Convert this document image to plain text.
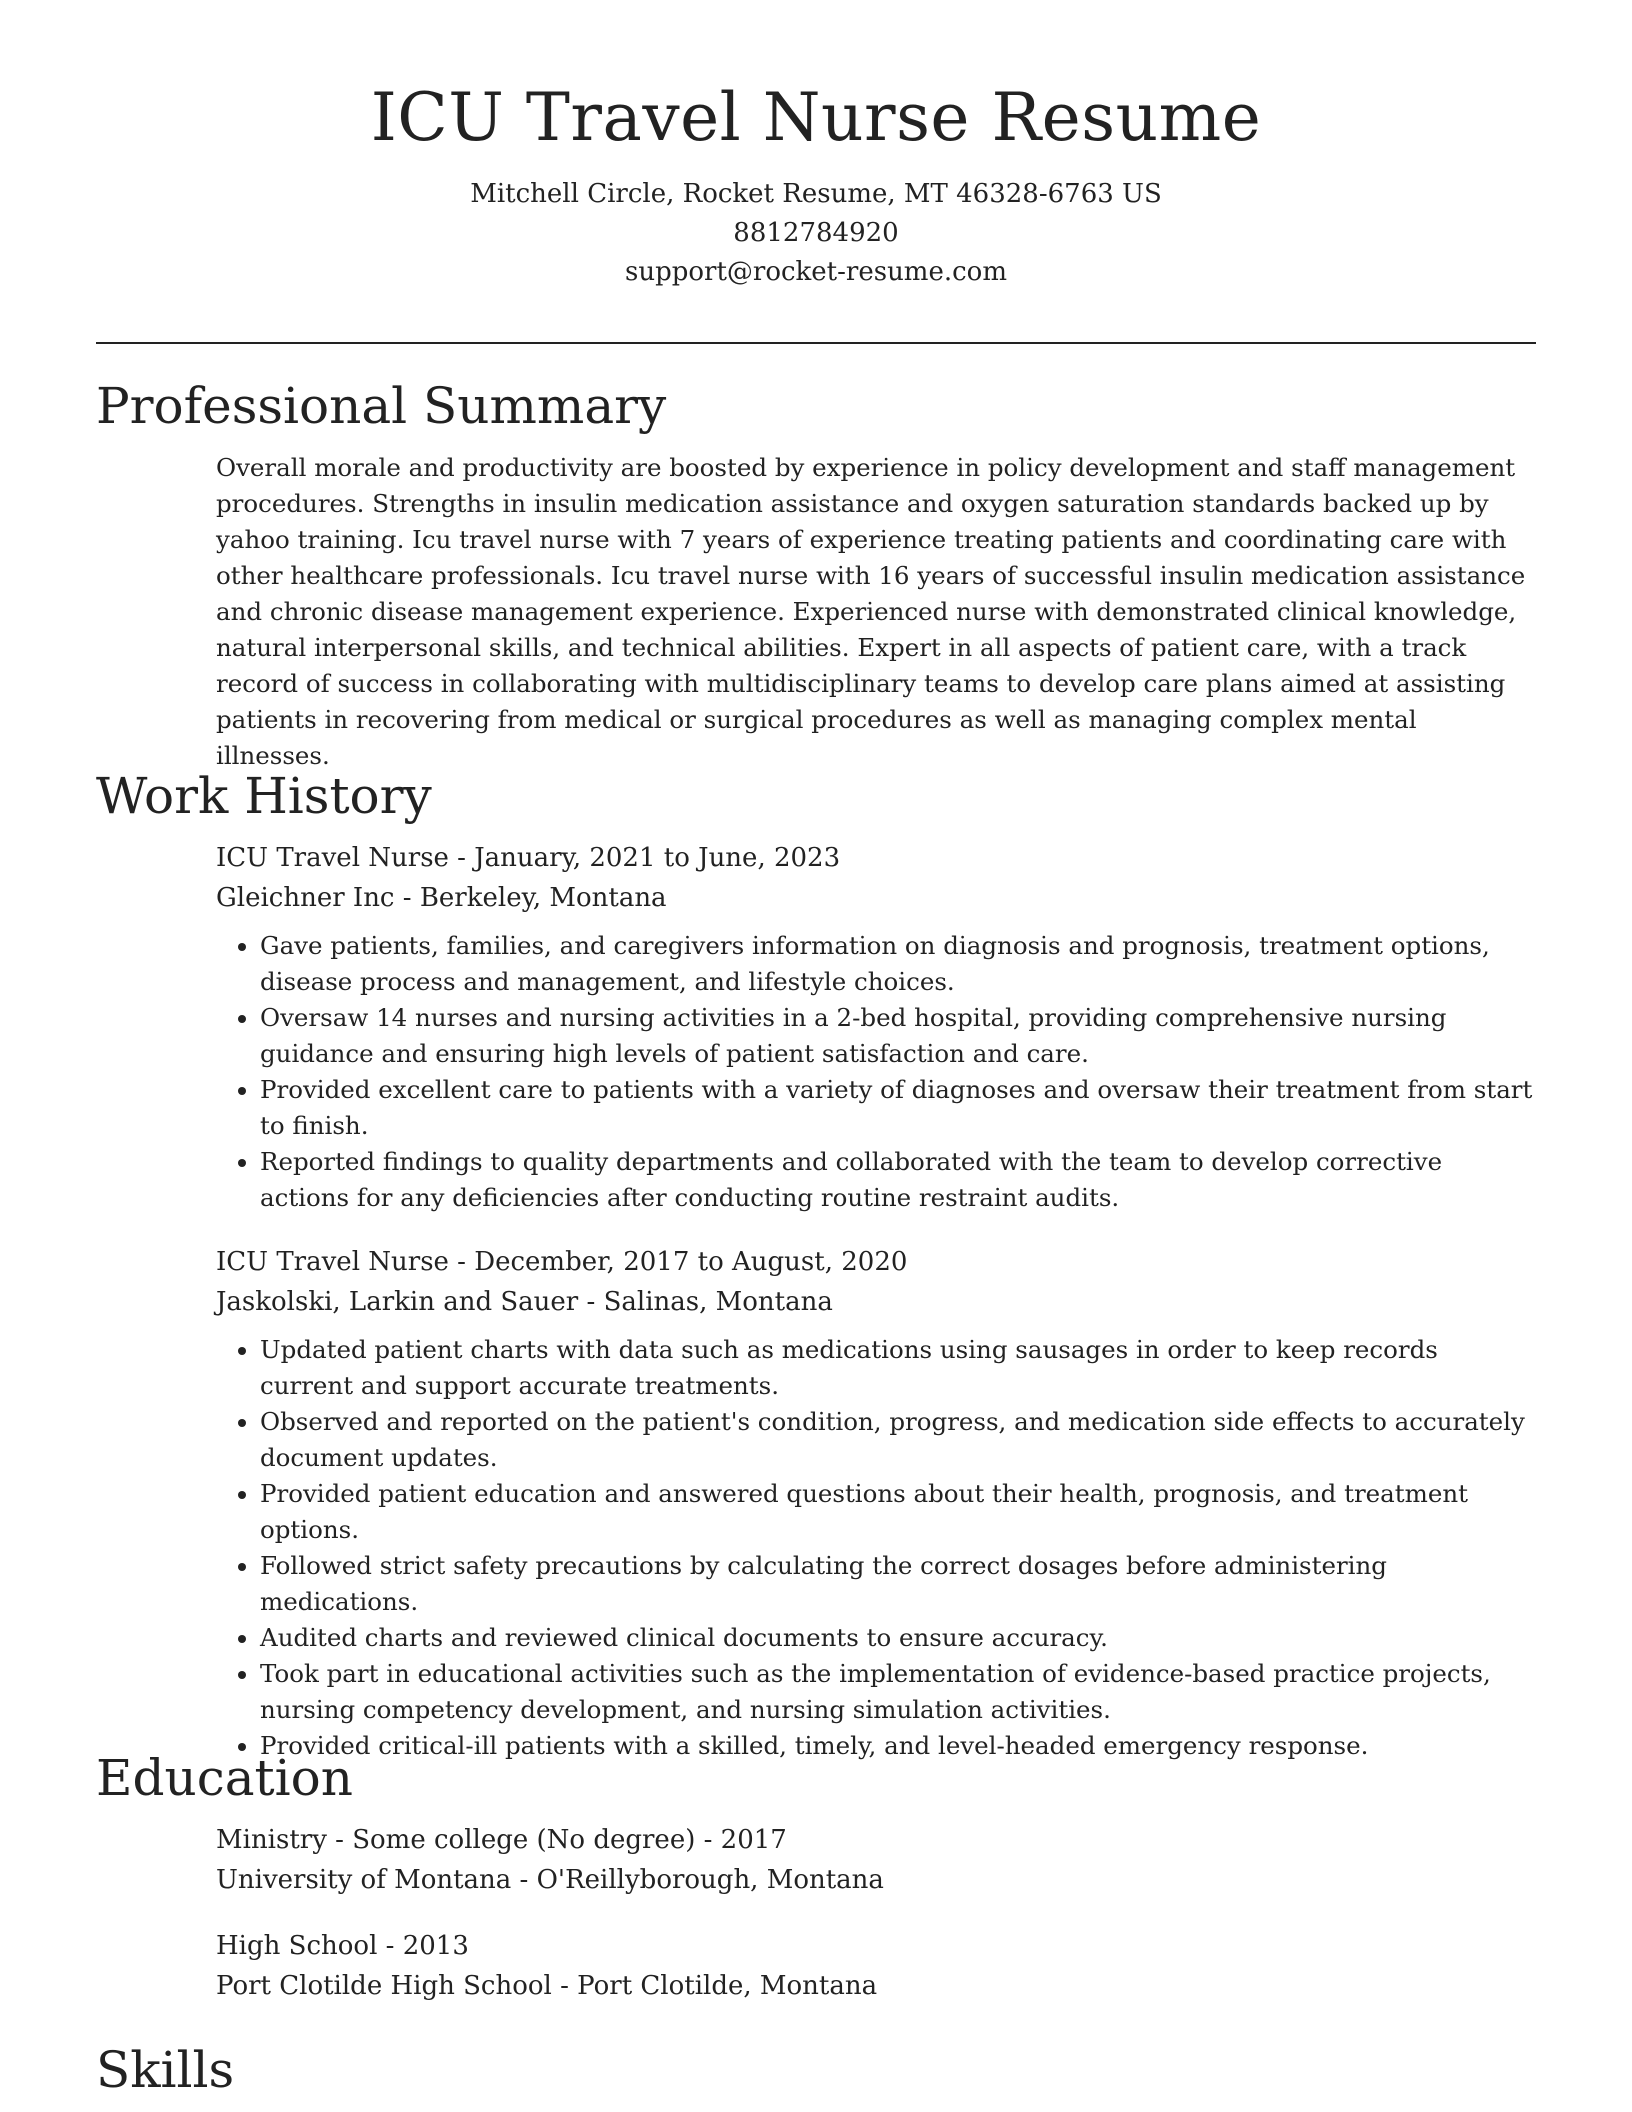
ICU Travel Nurse Resume
Mitchell Circle, Rocket Resume, MT 46328-6763 US
8812784920
support@rocket-resume.com
Professional Summary
Overall morale and productivity are boosted by experience in policy development and staff management procedures. Strengths in insulin medication assistance and oxygen saturation standards backed up by yahoo training. Icu travel nurse with 7 years of experience treating patients and coordinating care with other healthcare professionals. Icu travel nurse with 16 years of successful insulin medication assistance and chronic disease management experience. Experienced nurse with demonstrated clinical knowledge, natural interpersonal skills, and technical abilities. Expert in all aspects of patient care, with a track record of success in collaborating with multidisciplinary teams to develop care plans aimed at assisting patients in recovering from medical or surgical procedures as well as managing complex mental illnesses.
Work History
ICU Travel Nurse - January, 2021 to June, 2023
Gleichner Inc - Berkeley, Montana
• Gave patients, families, and caregivers information on diagnosis and prognosis, treatment options, disease process and management, and lifestyle choices.
• Oversaw 14 nurses and nursing activities in a 2-bed hospital, providing comprehensive nursing guidance and ensuring high levels of patient satisfaction and care.
• Provided excellent care to patients with a variety of diagnoses and oversaw their treatment from start to finish.
• Reported findings to quality departments and collaborated with the team to develop corrective actions for any deficiencies after conducting routine restraint audits.
ICU Travel Nurse - December, 2017 to August, 2020
Jaskolski, Larkin and Sauer - Salinas, Montana
• Updated patient charts with data such as medications using sausages in order to keep records current and support accurate treatments.
• Observed and reported on the patient's condition, progress, and medication side effects to accurately document updates.
• Provided patient education and answered questions about their health, prognosis, and treatment options.
• Followed strict safety precautions by calculating the correct dosages before administering medications.
• Audited charts and reviewed clinical documents to ensure accuracy.
• Took part in educational activities such as the implementation of evidence-based practice projects, nursing competency development, and nursing simulation activities.
• Provided critical-ill patients with a skilled, timely, and level-headed emergency response.
Education
Ministry - Some college (No degree) - 2017
University of Montana - O'Reillyborough, Montana
High School - 2013
Port Clotilde High School - Port Clotilde, Montana
Skills
